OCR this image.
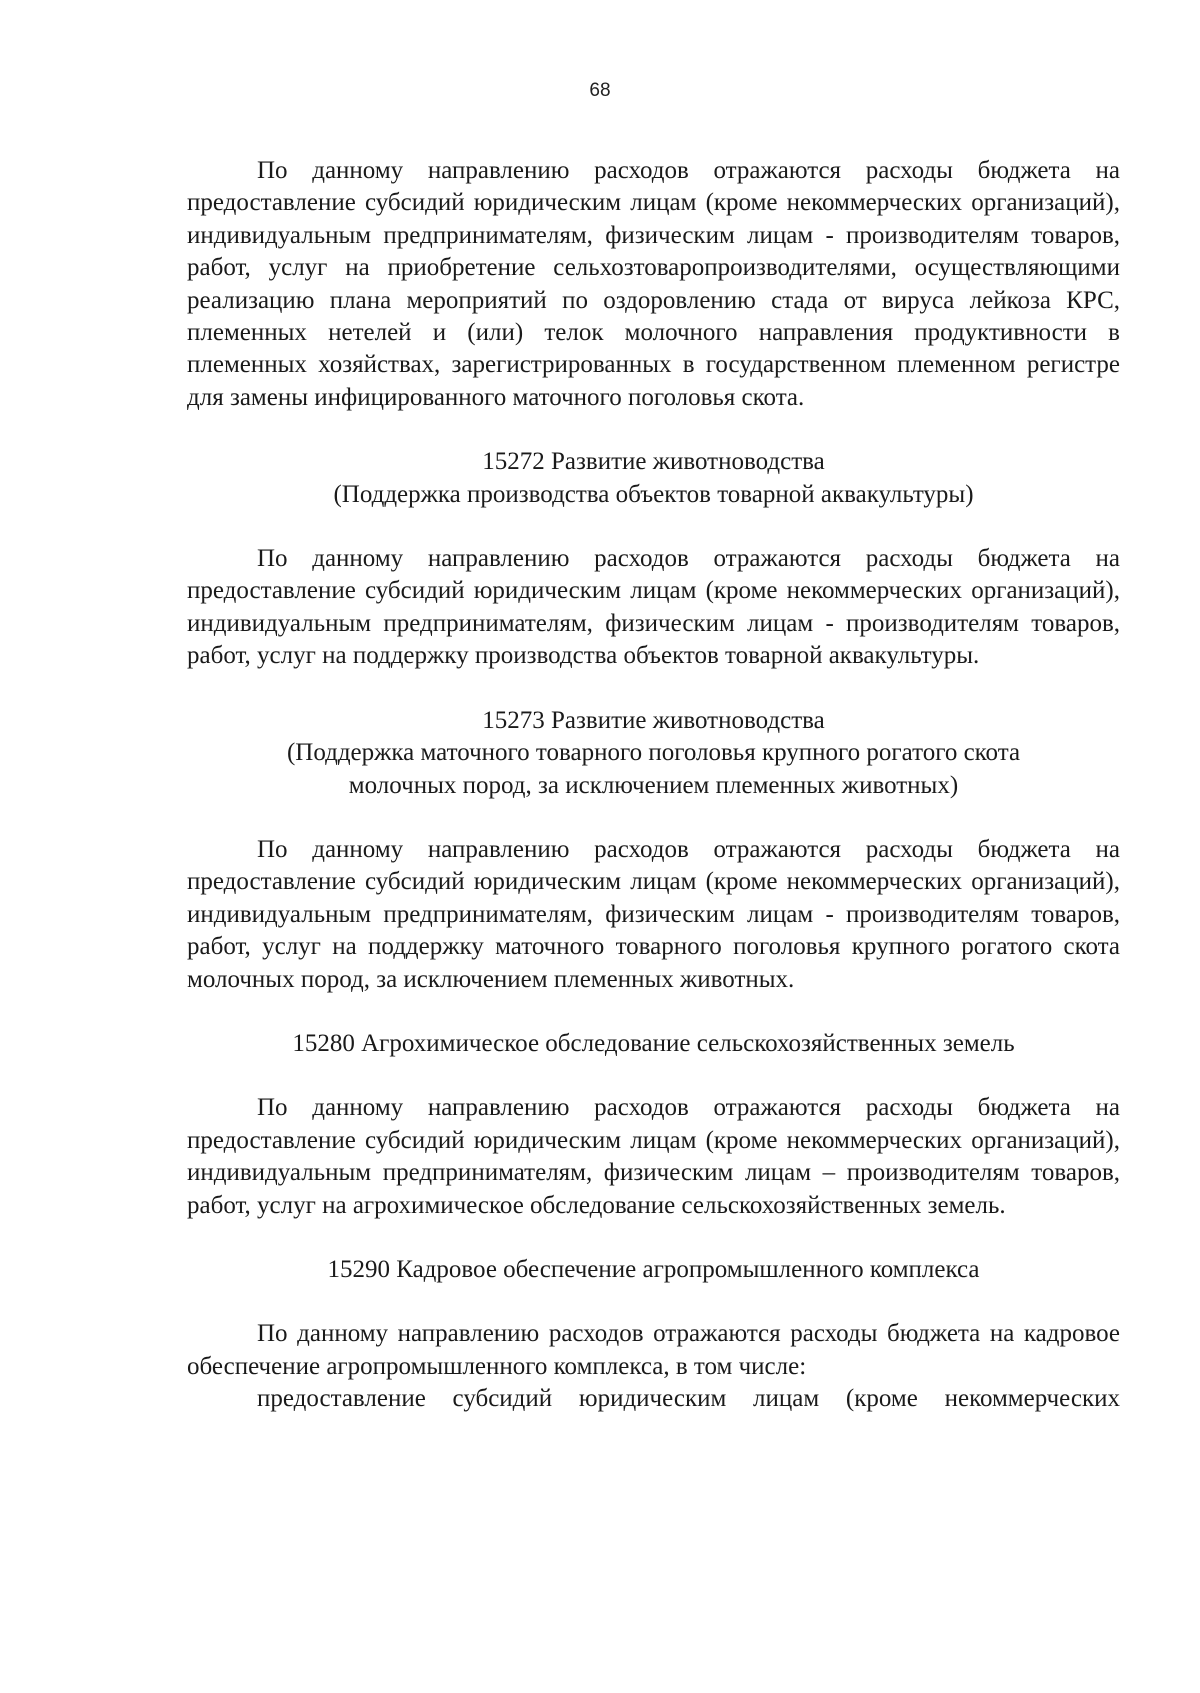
68

По данному направлению расходов отражаются расходы бюджета на предоставление субсидий юридическим лицам (кроме некоммерческих организаций), индивидуальным предпринимателям, физическим лицам - производителям товаров, работ, услуг на приобретение сельхозтоваропроизводителями, осуществляющими реализацию плана мероприятий по оздоровлению стада от вируса лейкоза КРС, племенных нетелей и (или) телок молочного направления продуктивности в племенных хозяйствах, зарегистрированных в государственном племенном регистре для замены инфицированного маточного поголовья скота.

15272 Развитие животноводства
(Поддержка производства объектов товарной аквакультуры)

По данному направлению расходов отражаются расходы бюджета на предоставление субсидий юридическим лицам (кроме некоммерческих организаций), индивидуальным предпринимателям, физическим лицам - производителям товаров, работ, услуг на поддержку производства объектов товарной аквакультуры.

15273 Развитие животноводства
(Поддержка маточного товарного поголовья крупного рогатого скота
молочных пород, за исключением племенных животных)

По данному направлению расходов отражаются расходы бюджета на предоставление субсидий юридическим лицам (кроме некоммерческих организаций), индивидуальным предпринимателям, физическим лицам - производителям товаров, работ, услуг на поддержку маточного товарного поголовья крупного рогатого скота молочных пород, за исключением племенных животных.

15280 Агрохимическое обследование сельскохозяйственных земель

По данному направлению расходов отражаются расходы бюджета на предоставление субсидий юридическим лицам (кроме некоммерческих организаций), индивидуальным предпринимателям, физическим лицам – производителям товаров, работ, услуг на агрохимическое обследование сельскохозяйственных земель.

15290 Кадровое обеспечение агропромышленного комплекса

По данному направлению расходов отражаются расходы бюджета на кадровое обеспечение агропромышленного комплекса, в том числе:

предоставление субсидий юридическим лицам (кроме некоммерческих
